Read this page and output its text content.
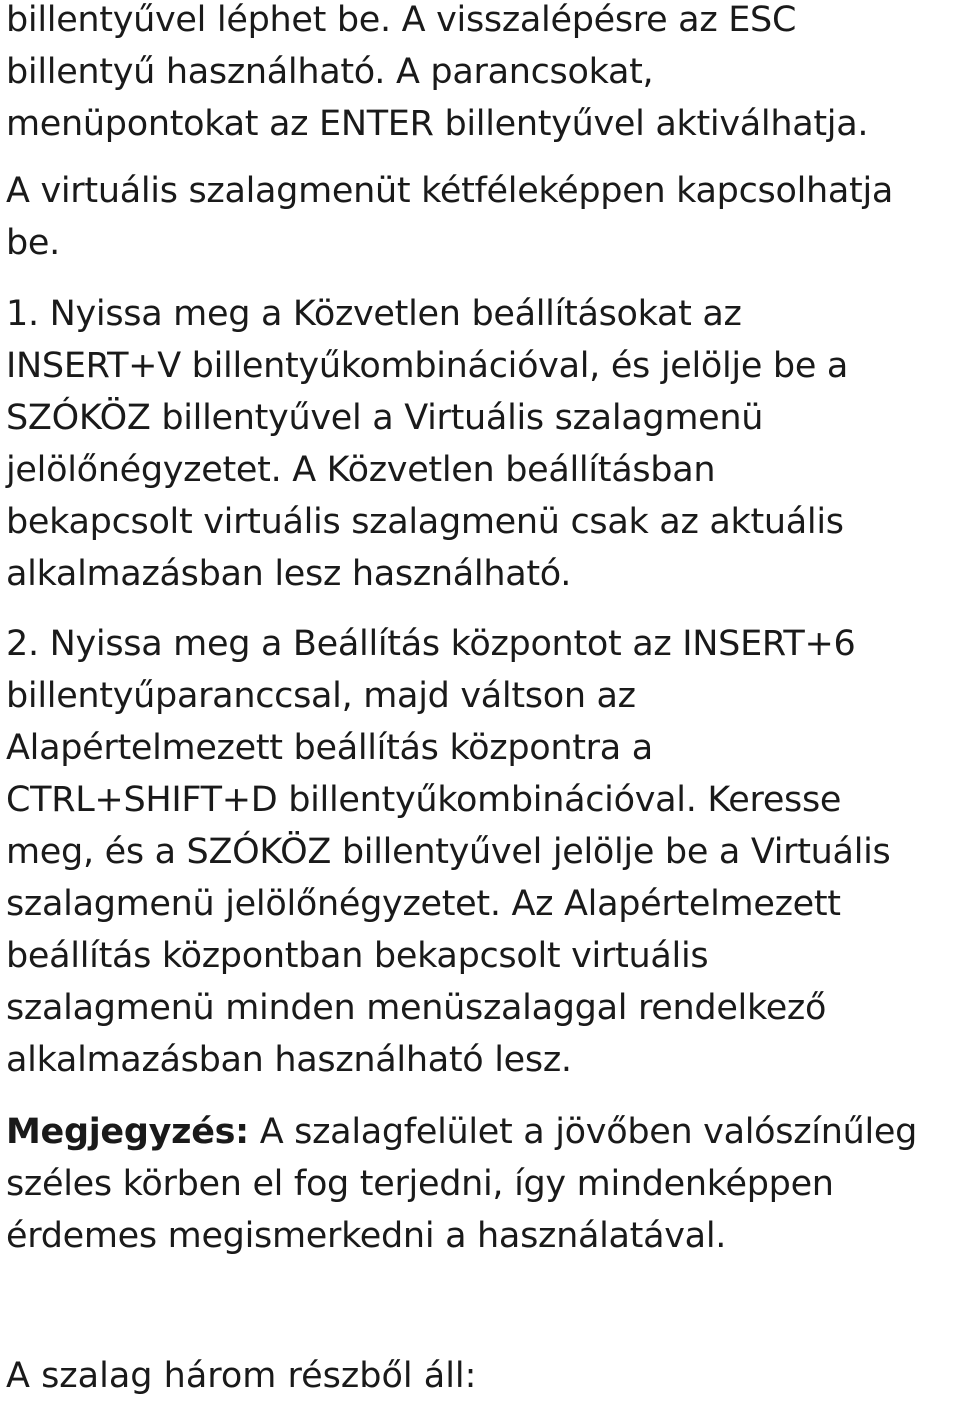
billentyűvel léphet be. A visszalépésre az ESC
billentyű használható. A parancsokat,
menüpontokat az ENTER billentyűvel aktiválhatja.

A virtuális szalagmenüt kétféleképpen kapcsolhatja
be.

1. Nyissa meg a Közvetlen beállításokat az
INSERT+V billentyűkombinációval, és jelölje be a
SZÓKÖZ billentyűvel a Virtuális szalagmenü
jelölőnégyzetet. A Közvetlen beállításban
bekapcsolt virtuális szalagmenü csak az aktuális
alkalmazásban lesz használható.

2. Nyissa meg a Beállítás központot az INSERT+6
billentyűparanccsal, majd váltson az
Alapértelmezett beállítás központra a
CTRL+SHIFT+D billentyűkombinációval. Keresse
meg, és a SZÓKÖZ billentyűvel jelölje be a Virtuális
szalagmenü jelölőnégyzetet. Az Alapértelmezett
beállítás központban bekapcsolt virtuális
szalagmenü minden menüszalaggal rendelkező
alkalmazásban használható lesz.

Megjegyzés: A szalagfelület a jövőben valószínűleg
széles körben el fog terjedni, így mindenképpen
érdemes megismerkedni a használatával.

A szalag három részből áll:
